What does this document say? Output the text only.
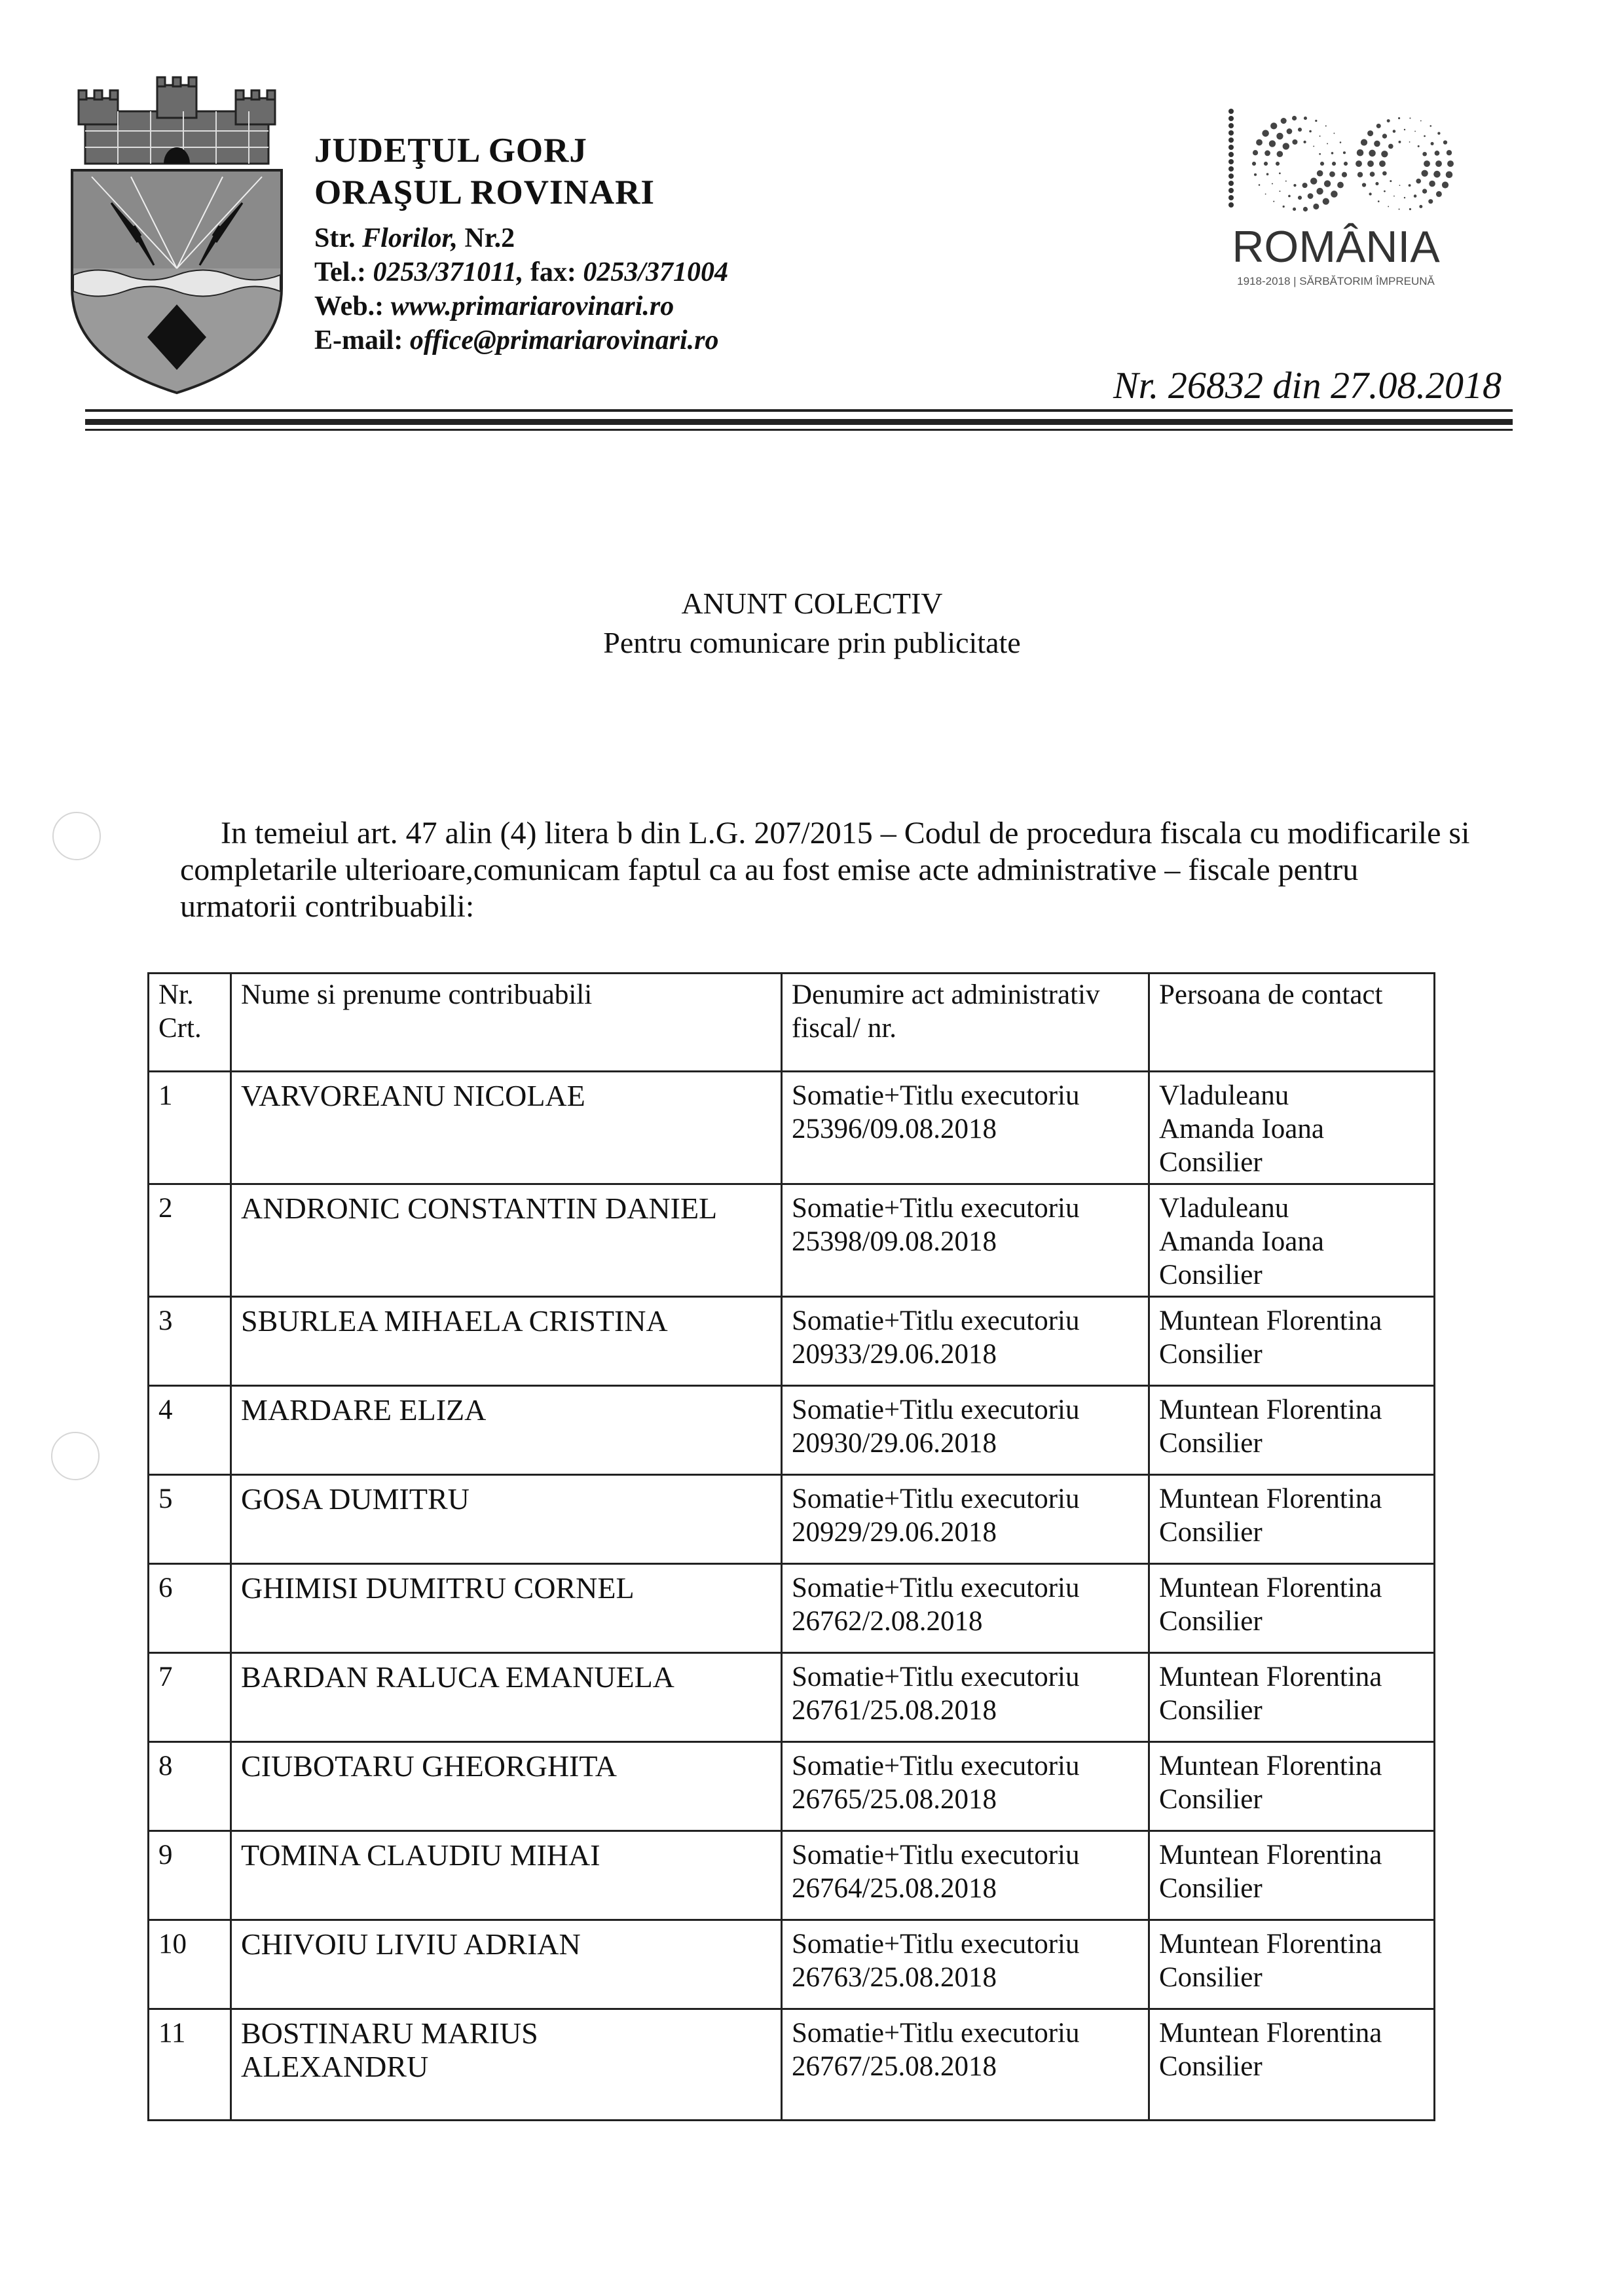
JUDEŢUL GORJ
ORAŞUL ROVINARI
Str. Florilor, Nr.2
Tel.: 0253/371011, fax: 0253/371004
Web.: www.primariarovinari.ro
E-mail: office@primariarovinari.ro
100
ROMÂNIA
1918-2018 | SĂRBĂTORIM ÎMPREUNĂ
Nr. 26832 din 27.08.2018
ANUNT COLECTIV
Pentru comunicare prin publicitate
In temeiul art. 47 alin (4) litera b din L.G. 207/2015 – Codul de procedura fiscala cu modificarile si completarile ulterioare,comunicam faptul ca au fost emise acte administrative – fiscale pentru urmatorii contribuabili:
Nr.
Crt.	Nume si prenume contribuabili	Denumire act administrativ
fiscal/ nr.	Persoana de contact
1	VARVOREANU NICOLAE	Somatie+Titlu executoriu
25396/09.08.2018	Vladuleanu
Amanda Ioana
Consilier

2	ANDRONIC CONSTANTIN DANIEL	Somatie+Titlu executoriu
25398/09.08.2018	Vladuleanu
Amanda Ioana
Consilier

3	SBURLEA MIHAELA CRISTINA	Somatie+Titlu executoriu
20933/29.06.2018	Muntean Florentina
Consilier

4	MARDARE ELIZA	Somatie+Titlu executoriu
20930/29.06.2018	Muntean Florentina
Consilier

5	GOSA DUMITRU	Somatie+Titlu executoriu
20929/29.06.2018	Muntean Florentina
Consilier

6	GHIMISI DUMITRU CORNEL	Somatie+Titlu executoriu
26762/2.08.2018	Muntean Florentina
Consilier

7	BARDAN RALUCA EMANUELA	Somatie+Titlu executoriu
26761/25.08.2018	Muntean Florentina
Consilier

8	CIUBOTARU GHEORGHITA	Somatie+Titlu executoriu
26765/25.08.2018	Muntean Florentina
Consilier

9	TOMINA CLAUDIU MIHAI	Somatie+Titlu executoriu
26764/25.08.2018	Muntean Florentina
Consilier

10	CHIVOIU LIVIU ADRIAN	Somatie+Titlu executoriu
26763/25.08.2018	Muntean Florentina
Consilier

11	BOSTINARU MARIUS
ALEXANDRU	Somatie+Titlu executoriu
26767/25.08.2018	Muntean Florentina
Consilier
